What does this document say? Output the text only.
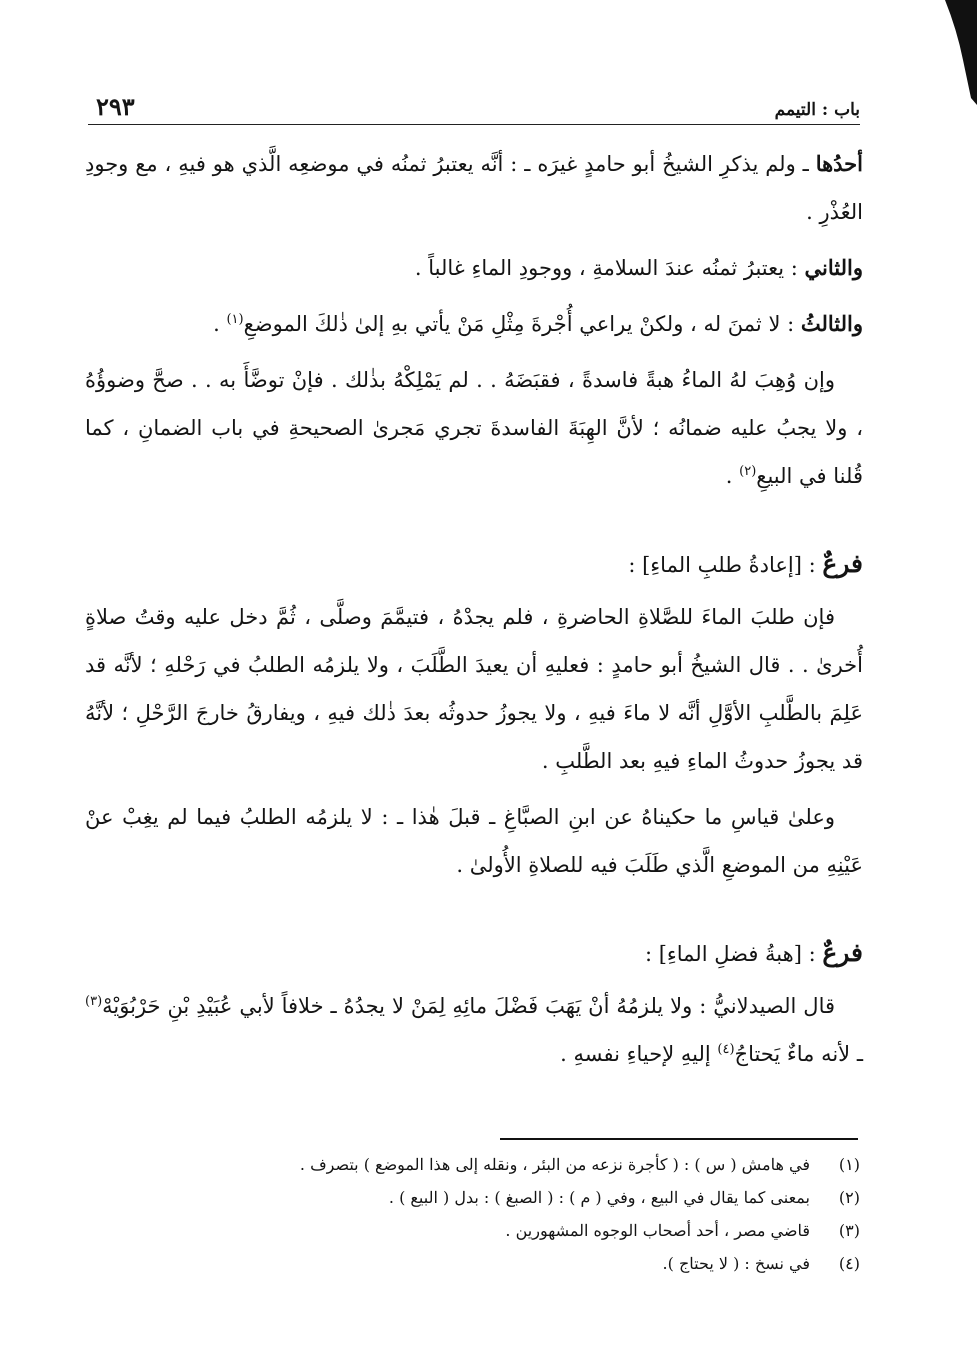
باب : التيمم
٢٩٣

أحدُها ـ ولم يذكرِ الشيخُ أبو حامدٍ غيرَه ـ : أنَّه يعتبرُ ثمنُه في موضعِه الَّذي هو فيهِ ، مع وجودِ العُذْرِ .

والثاني : يعتبرُ ثمنُه عندَ السلامةِ ، ووجودِ الماءِ غالباً .

والثالثُ : لا ثمنَ له ، ولكنْ يراعي أُجْرةَ مِثْلِ مَنْ يأتي بهِ إلىٰ ذٰلكَ الموضعِ$^{(١)}$ .

وإن وُهِبَ لهُ الماءُ هبةً فاسدةً ، فقبَضَهُ . . لم يَمْلِكْهُ بذٰلك . فإنْ توضَّأَ به . . صحَّ وضوؤُهُ ، ولا يجبُ عليه ضمانُه ؛ لأنَّ الهِبَةَ الفاسدةَ تجري مَجرىٰ الصحيحةِ في باب الضمانِ ، كما قُلنا في البيعِ$^{(٢)}$ .

فرعٌ : [إعادةُ طلبِ الماءِ] :

فإن طلبَ الماءَ للصَّلاةِ الحاضرةِ ، فلم يجدْهُ ، فتيمَّمَ وصلَّى ، ثُمَّ دخل عليه وقتُ صلاةٍ أُخرىٰ . . قال الشيخُ أبو حامدٍ : فعليهِ أن يعيدَ الطَّلَبَ ، ولا يلزمُه الطلبُ في رَحْلهِ ؛ لأنَّه قد عَلِمَ بالطَّلبِ الأوَّلِ أنَّه لا ماءَ فيهِ ، ولا يجوزُ حدوثُه بعدَ ذٰلك فيهِ ، ويفارقُ خارجَ الرَّحْلِ ؛ لأنَّهُ قد يجوزُ حدوثُ الماءِ فيهِ بعد الطَّلبِ .

وعلىٰ قياسِ ما حكيناهُ عن ابنِ الصبَّاغِ ـ قبلَ هٰذا ـ : لا يلزمُه الطلبُ فيما لم يغِبْ عنْ عَيْنِهِ من الموضعِ الَّذي طَلَبَ فيه للصلاةِ الأُولىٰ .

فرعٌ : [هبةُ فضلِ الماءِ] :

قال الصيدلانيُّ : ولا يلزمُهُ أنْ يَهَبَ فَضْلَ مائِهِ لِمَنْ لا يجدُهُ ـ خلافاً لأبي عُبَيْدِ بْنِ حَرْبُوَيْهْ$^{(٣)}$ ـ لأنه ماءٌ يَحتاجُ$^{(٤)}$ إليهِ لإحياءِ نفسهِ .

(١)
في هامش ( س ) : ( كأجرة نزعه من البئر ، ونقله إلى هذا الموضع ) بتصرف .
(٢)
بمعنى كما يقال في البيع ، وفي ( م ) : ( الصبغ ) : بدل ( البيع ) .
(٣)
قاضي مصر ، أحد أصحاب الوجوه المشهورين .
(٤)
في نسخ : ( لا يحتاج ).
